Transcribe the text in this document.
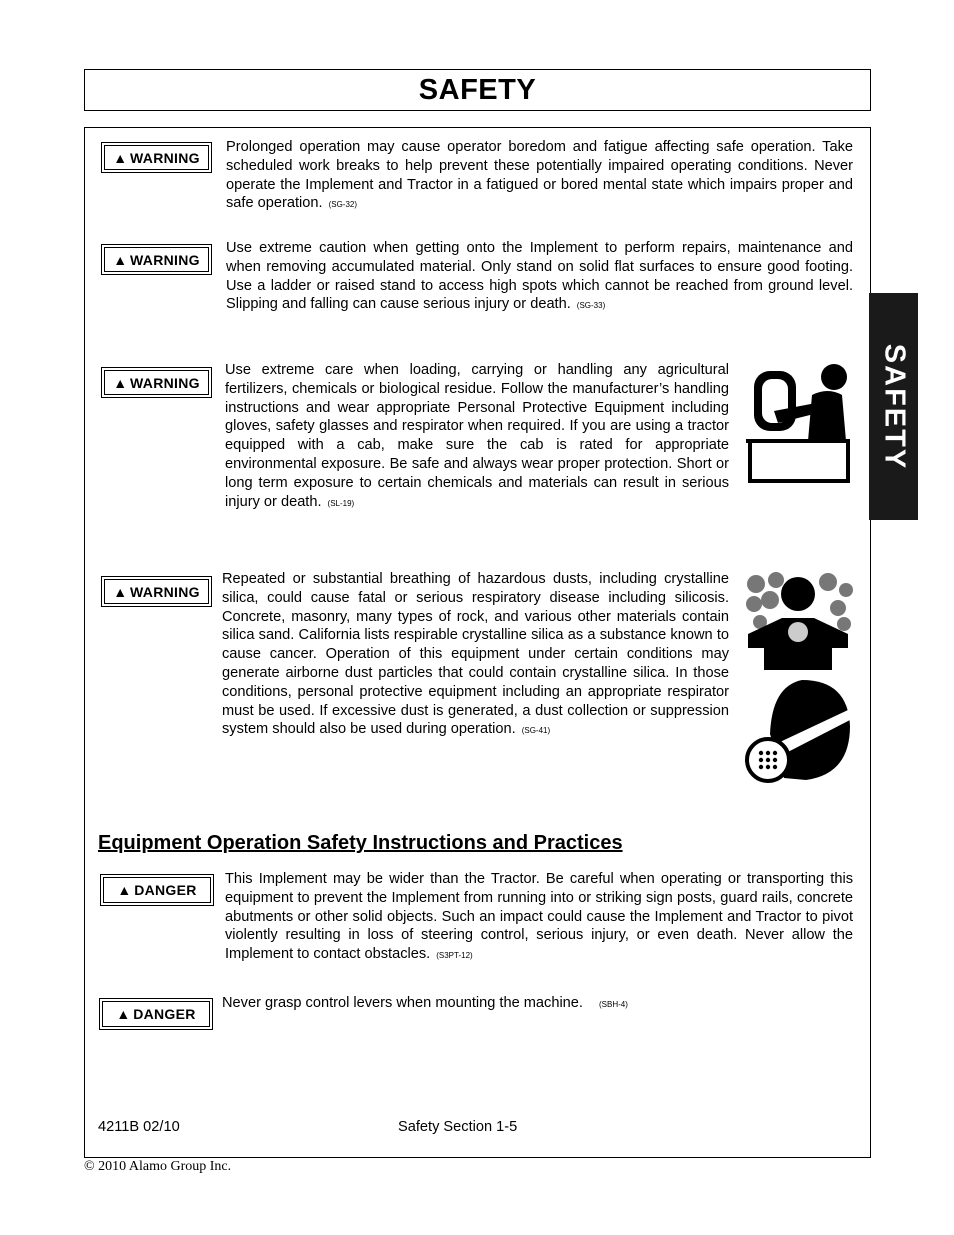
SAFETY
SAFETY
▲ WARNING
Prolonged operation may cause operator boredom and fatigue affecting safe operation. Take scheduled work breaks to help prevent these potentially impaired operating conditions. Never operate the Implement and Tractor in a fatigued or bored mental state which impairs proper and safe operation. (SG-32)
▲ WARNING
Use extreme caution when getting onto the Implement to perform repairs, maintenance and when removing accumulated material. Only stand on solid flat surfaces to ensure good footing. Use a ladder or raised stand to access high spots which cannot be reached from ground level. Slipping and falling can cause serious injury or death. (SG-33)
▲ WARNING
Use extreme care when loading, carrying or handling any agricultural fertilizers, chemicals or biological residue. Follow the manufacturer’s handling instructions and wear appropriate Personal Protective Equipment including gloves, safety glasses and respirator when required. If you are using a tractor equipped with a cab, make sure the cab is rated for appropriate environmental exposure. Be safe and always wear proper protection. Short or long term exposure to certain chemicals and materials can result in serious injury or death. (SL-19)
▲ WARNING
Repeated or substantial breathing of hazardous dusts, including crystalline silica, could cause fatal or serious respiratory disease including silicosis. Concrete, masonry, many types of rock, and various other materials contain silica sand. California lists respirable crystalline silica as a substance known to cause cancer. Operation of this equipment under certain conditions may generate airborne dust particles that could contain crystalline silica. In those conditions, personal protective equipment including an appropriate respirator must be used. If excessive dust is generated, a dust collection or suppression system should also be used during operation. (SG-41)
Equipment Operation Safety Instructions and Practices
▲ DANGER
This Implement may be wider than the Tractor. Be careful when operating or transporting this equipment to prevent the Implement from running into or striking sign posts, guard rails, concrete abutments or other solid objects. Such an impact could cause the Implement and Tractor to pivot violently resulting in loss of steering control, serious injury, or even death. Never allow the Implement to contact obstacles. (S3PT-12)
▲ DANGER
Never grasp control levers when mounting the machine. (SBH-4)
4211B 02/10	Safety Section 1-5
© 2010 Alamo Group Inc.
